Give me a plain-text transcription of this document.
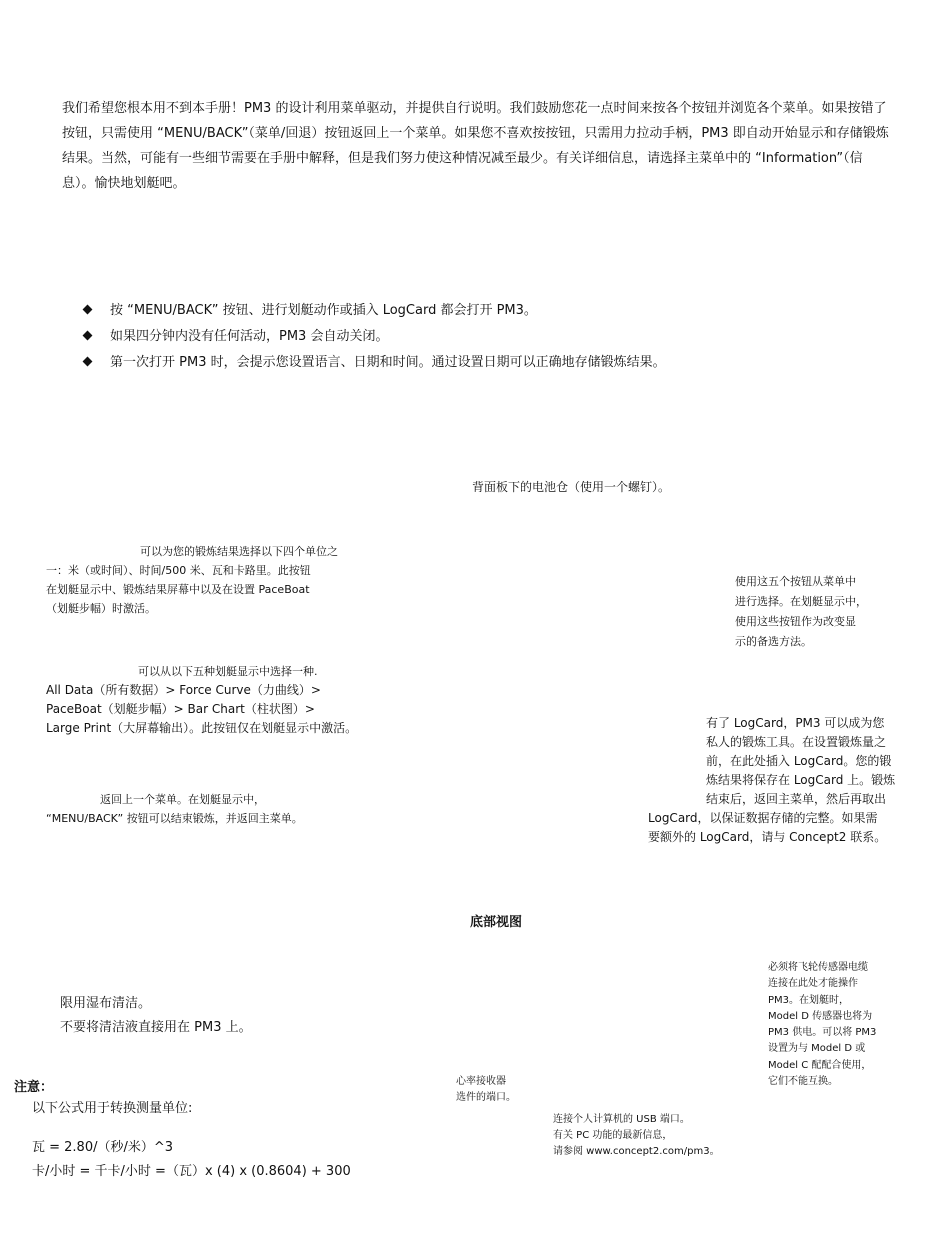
我们希望您根本用不到本手册！PM3 的设计利用菜单驱动，并提供自行说明。我们鼓励您花一点时间来按各个按钮并浏览各个菜单。如果按错了按钮，只需使用 “MENU/BACK”（菜单/回退）按钮返回上一个菜单。如果您不喜欢按按钮，只需用力拉动手柄，PM3 即自动开始显示和存储锻炼结果。当然，可能有一些细节需要在手册中解释，但是我们努力使这种情况减至最少。有关详细信息，请选择主菜单中的 “Information”（信息）。愉快地划艇吧。

按 “MENU/BACK” 按钮、进行划艇动作或插入 LogCard 都会打开 PM3。
如果四分钟内没有任何活动，PM3 会自动关闭。
第一次打开 PM3 时，会提示您设置语言、日期和时间。通过设置日期可以正确地存储锻炼结果。

背面板下的电池仓（使用一个螺钉）。

可以为您的锻炼结果选择以下四个单位之

一：米（或时间）、时间/500 米、瓦和卡路里。此按钮

在划艇显示中、锻炼结果屏幕中以及在设置 PaceBoat

（划艇步幅）时激活。

可以从以下五种划艇显示中选择一种.

All Data（所有数据）> Force Curve（力曲线）>

PaceBoat（划艇步幅）> Bar Chart（柱状图）>

Large Print（大屏幕输出）。此按钮仅在划艇显示中激活。

返回上一个菜单。在划艇显示中，

“MENU/BACK” 按钮可以结束锻炼，并返回主菜单。

使用这五个按钮从菜单中

进行选择。在划艇显示中，

使用这些按钮作为改变显

示的备选方法。

有了 LogCard，PM3 可以成为您

私人的锻炼工具。在设置锻炼量之

前，在此处插入 LogCard。您的锻

炼结果将保存在 LogCard 上。锻炼

结束后，返回主菜单，然后再取出

LogCard，以保证数据存储的完整。如果需

要额外的 LogCard，请与 Concept2 联系。

底部视图

限用湿布清洁。

不要将清洁液直接用在 PM3 上。

必须将飞轮传感器电缆

连接在此处才能操作

PM3。在划艇时，

Model D 传感器也将为

PM3 供电。可以将 PM3

设置为与 Model D 或

Model C 配配合使用，

它们不能互换。

心率接收器

选件的端口。

连接个人计算机的 USB 端口。

有关 PC 功能的最新信息，

请参阅 www.concept2.com/pm3。

注意：

以下公式用于转换测量单位:

瓦 = 2.80/（秒/米）^3

卡/小时 = 千卡/小时 =（瓦）x (4) x (0.8604) + 300
